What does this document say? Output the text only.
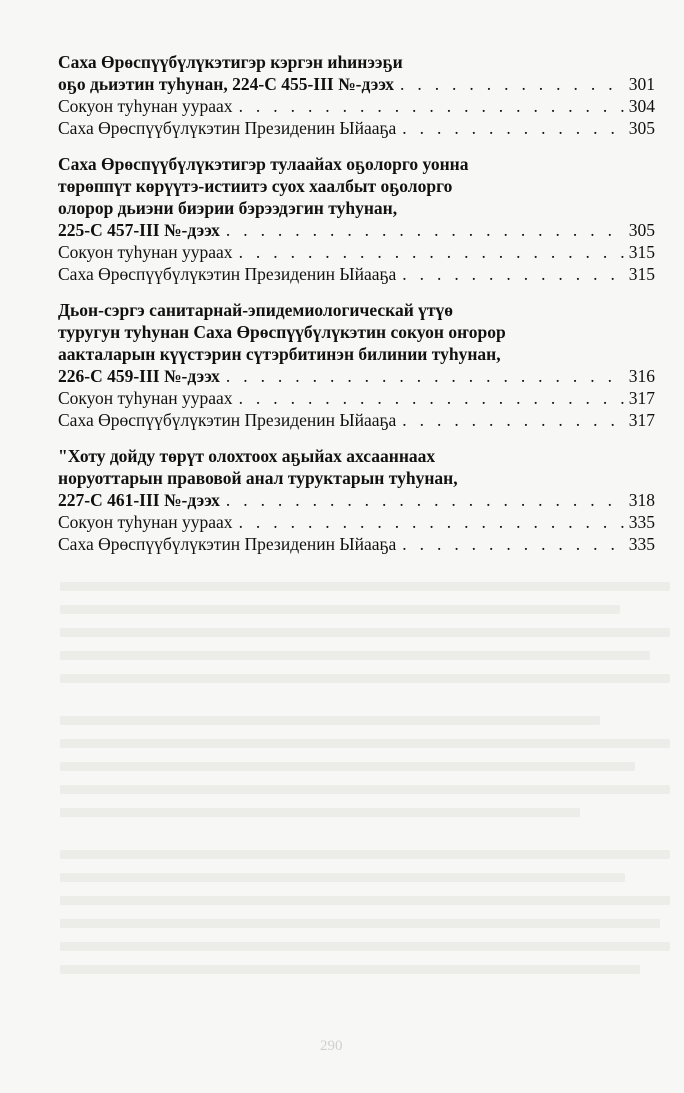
Саха Өрөспүүбүлүкэтигэр кэргэн иһинээҕи
оҕо дьиэтин туһунан, 224-С 455-III №-дээх . . .	301
Сокуон туһунан уураах . . .	304
Саха Өрөспүүбүлүкэтин Президенин Ыйааҕа . . .	305
Саха Өрөспүүбүлүкэтигэр тулаайах оҕолорго уонна
төрөппүт көрүүтэ-истиитэ суох хаалбыт оҕолорго
олорор дьиэни биэрии бэрээдэгин туһунан,
225-С 457-III №-дээх . . .	305
Сокуон туһунан уураах . . .	315
Саха Өрөспүүбүлүкэтин Президенин Ыйааҕа . . .	315
Дьон-сэргэ санитарнай-эпидемиологическай үтүө
туругун туһунан Саха Өрөспүүбүлүкэтин сокуон оҥорор
аакталарын күүстэрин сүтэрбитинэн билинии туһунан,
226-С 459-III №-дээх . . .	316
Сокуон туһунан уураах . . .	317
Саха Өрөспүүбүлүкэтин Президенин Ыйааҕа . . .	317
"Хоту дойду төрүт олохтоох аҕыйах ахсааннаах
норуоттарын правовой анал туруктарын туһунан,
227-С 461-III №-дээх . . .	318
Сокуон туһунан уураах . . .	335
Саха Өрөспүүбүлүкэтин Президенин Ыйааҕа . . .	335
290
